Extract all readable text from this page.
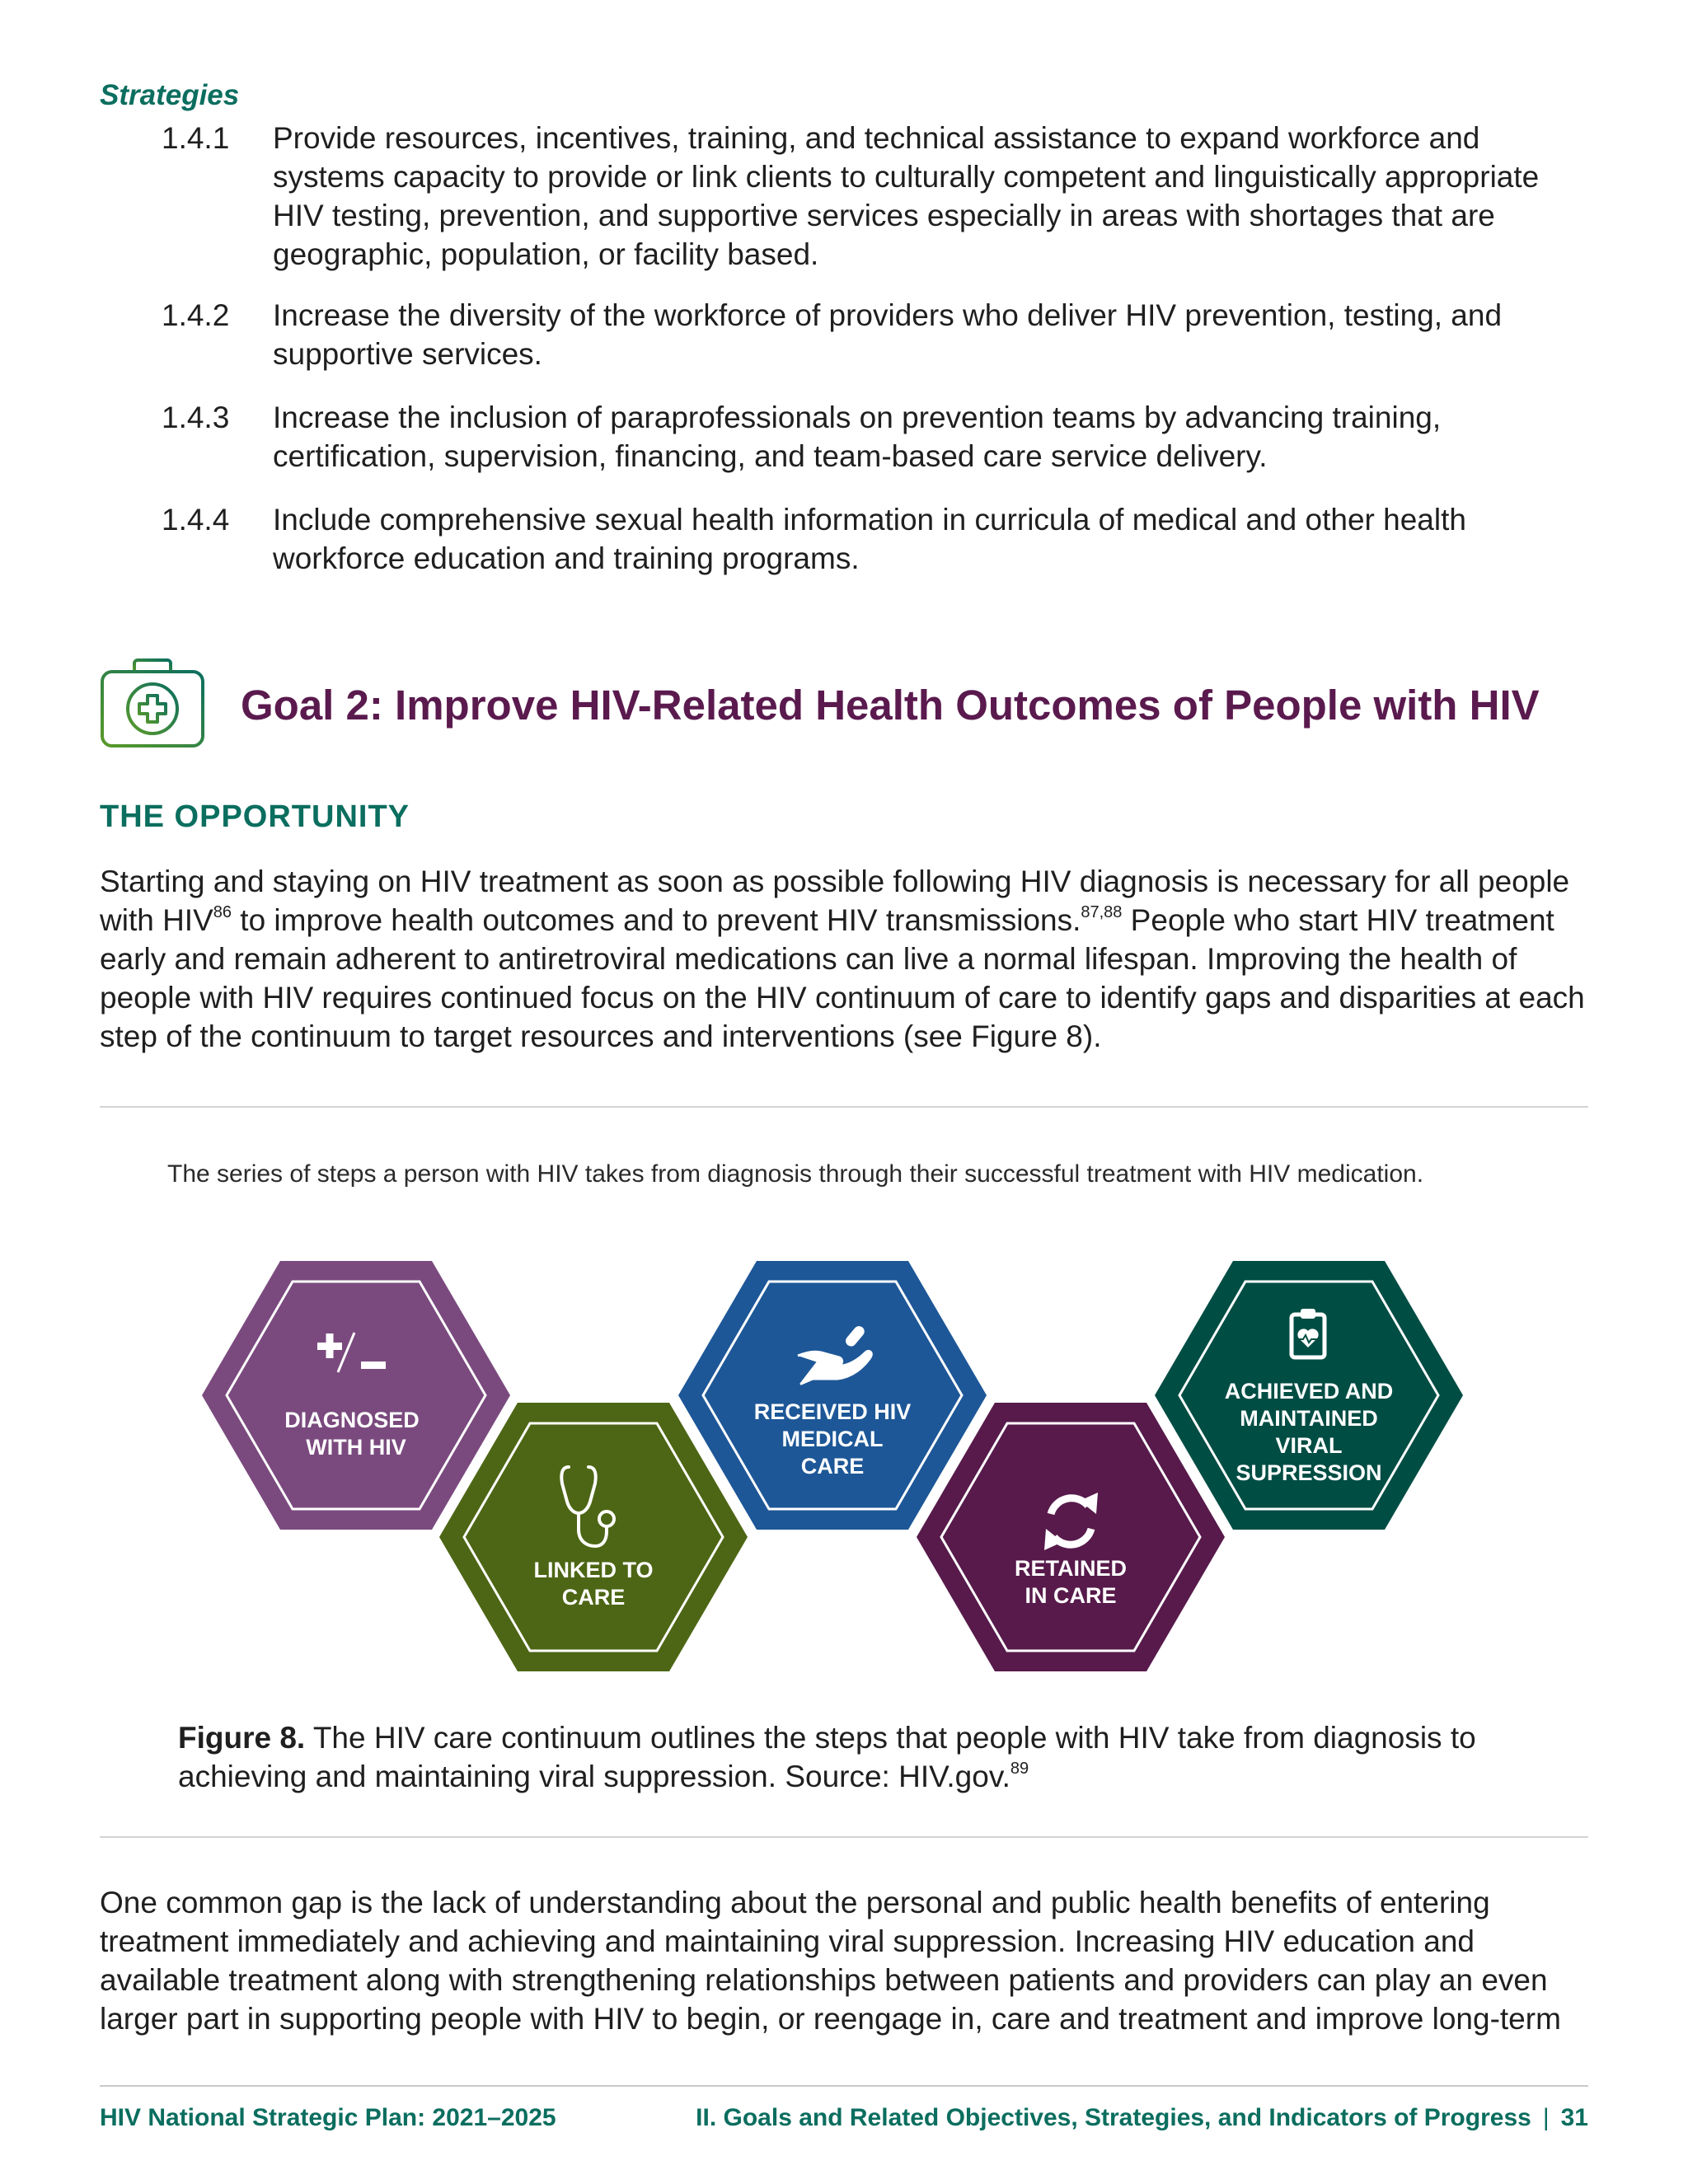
Strategies
1.4.1	Provide resources, incentives, training, and technical assistance to expand workforce and systems capacity to provide or link clients to culturally competent and linguistically appropriate HIV testing, prevention, and supportive services especially in areas with shortages that are geographic, population, or facility based.
1.4.2	Increase the diversity of the workforce of providers who deliver HIV prevention, testing, and supportive services.
1.4.3	Increase the inclusion of paraprofessionals on prevention teams by advancing training, certification, supervision, financing, and team-based care service delivery.
1.4.4	Include comprehensive sexual health information in curricula of medical and other health workforce education and training programs.
Goal 2: Improve HIV-Related Health Outcomes of People with HIV
THE OPPORTUNITY
Starting and staying on HIV treatment as soon as possible following HIV diagnosis is necessary for all people with HIV$^{86}$ to improve health outcomes and to prevent HIV transmissions.$^{87,88}$ People who start HIV treatment early and remain adherent to antiretroviral medications can live a normal lifespan. Improving the health of people with HIV requires continued focus on the HIV continuum of care to identify gaps and disparities at each step of the continuum to target resources and interventions (see Figure 8).
The series of steps a person with HIV takes from diagnosis through their successful treatment with HIV medication.
DIAGNOSED
WITH HIV
LINKED TO
CARE
RECEIVED HIV
MEDICAL
CARE
RETAINED
IN CARE
ACHIEVED AND
MAINTAINED
VIRAL
SUPRESSION
Figure 8. The HIV care continuum outlines the steps that people with HIV take from diagnosis to achieving and maintaining viral suppression. Source: HIV.gov.$^{89}$
One common gap is the lack of understanding about the personal and public health benefits of entering treatment immediately and achieving and maintaining viral suppression. Increasing HIV education and available treatment along with strengthening relationships between patients and providers can play an even larger part in supporting people with HIV to begin, or reengage in, care and treatment and improve long-term
HIV National Strategic Plan: 2021–2025	II. Goals and Related Objectives, Strategies, and Indicators of Progress | 31
